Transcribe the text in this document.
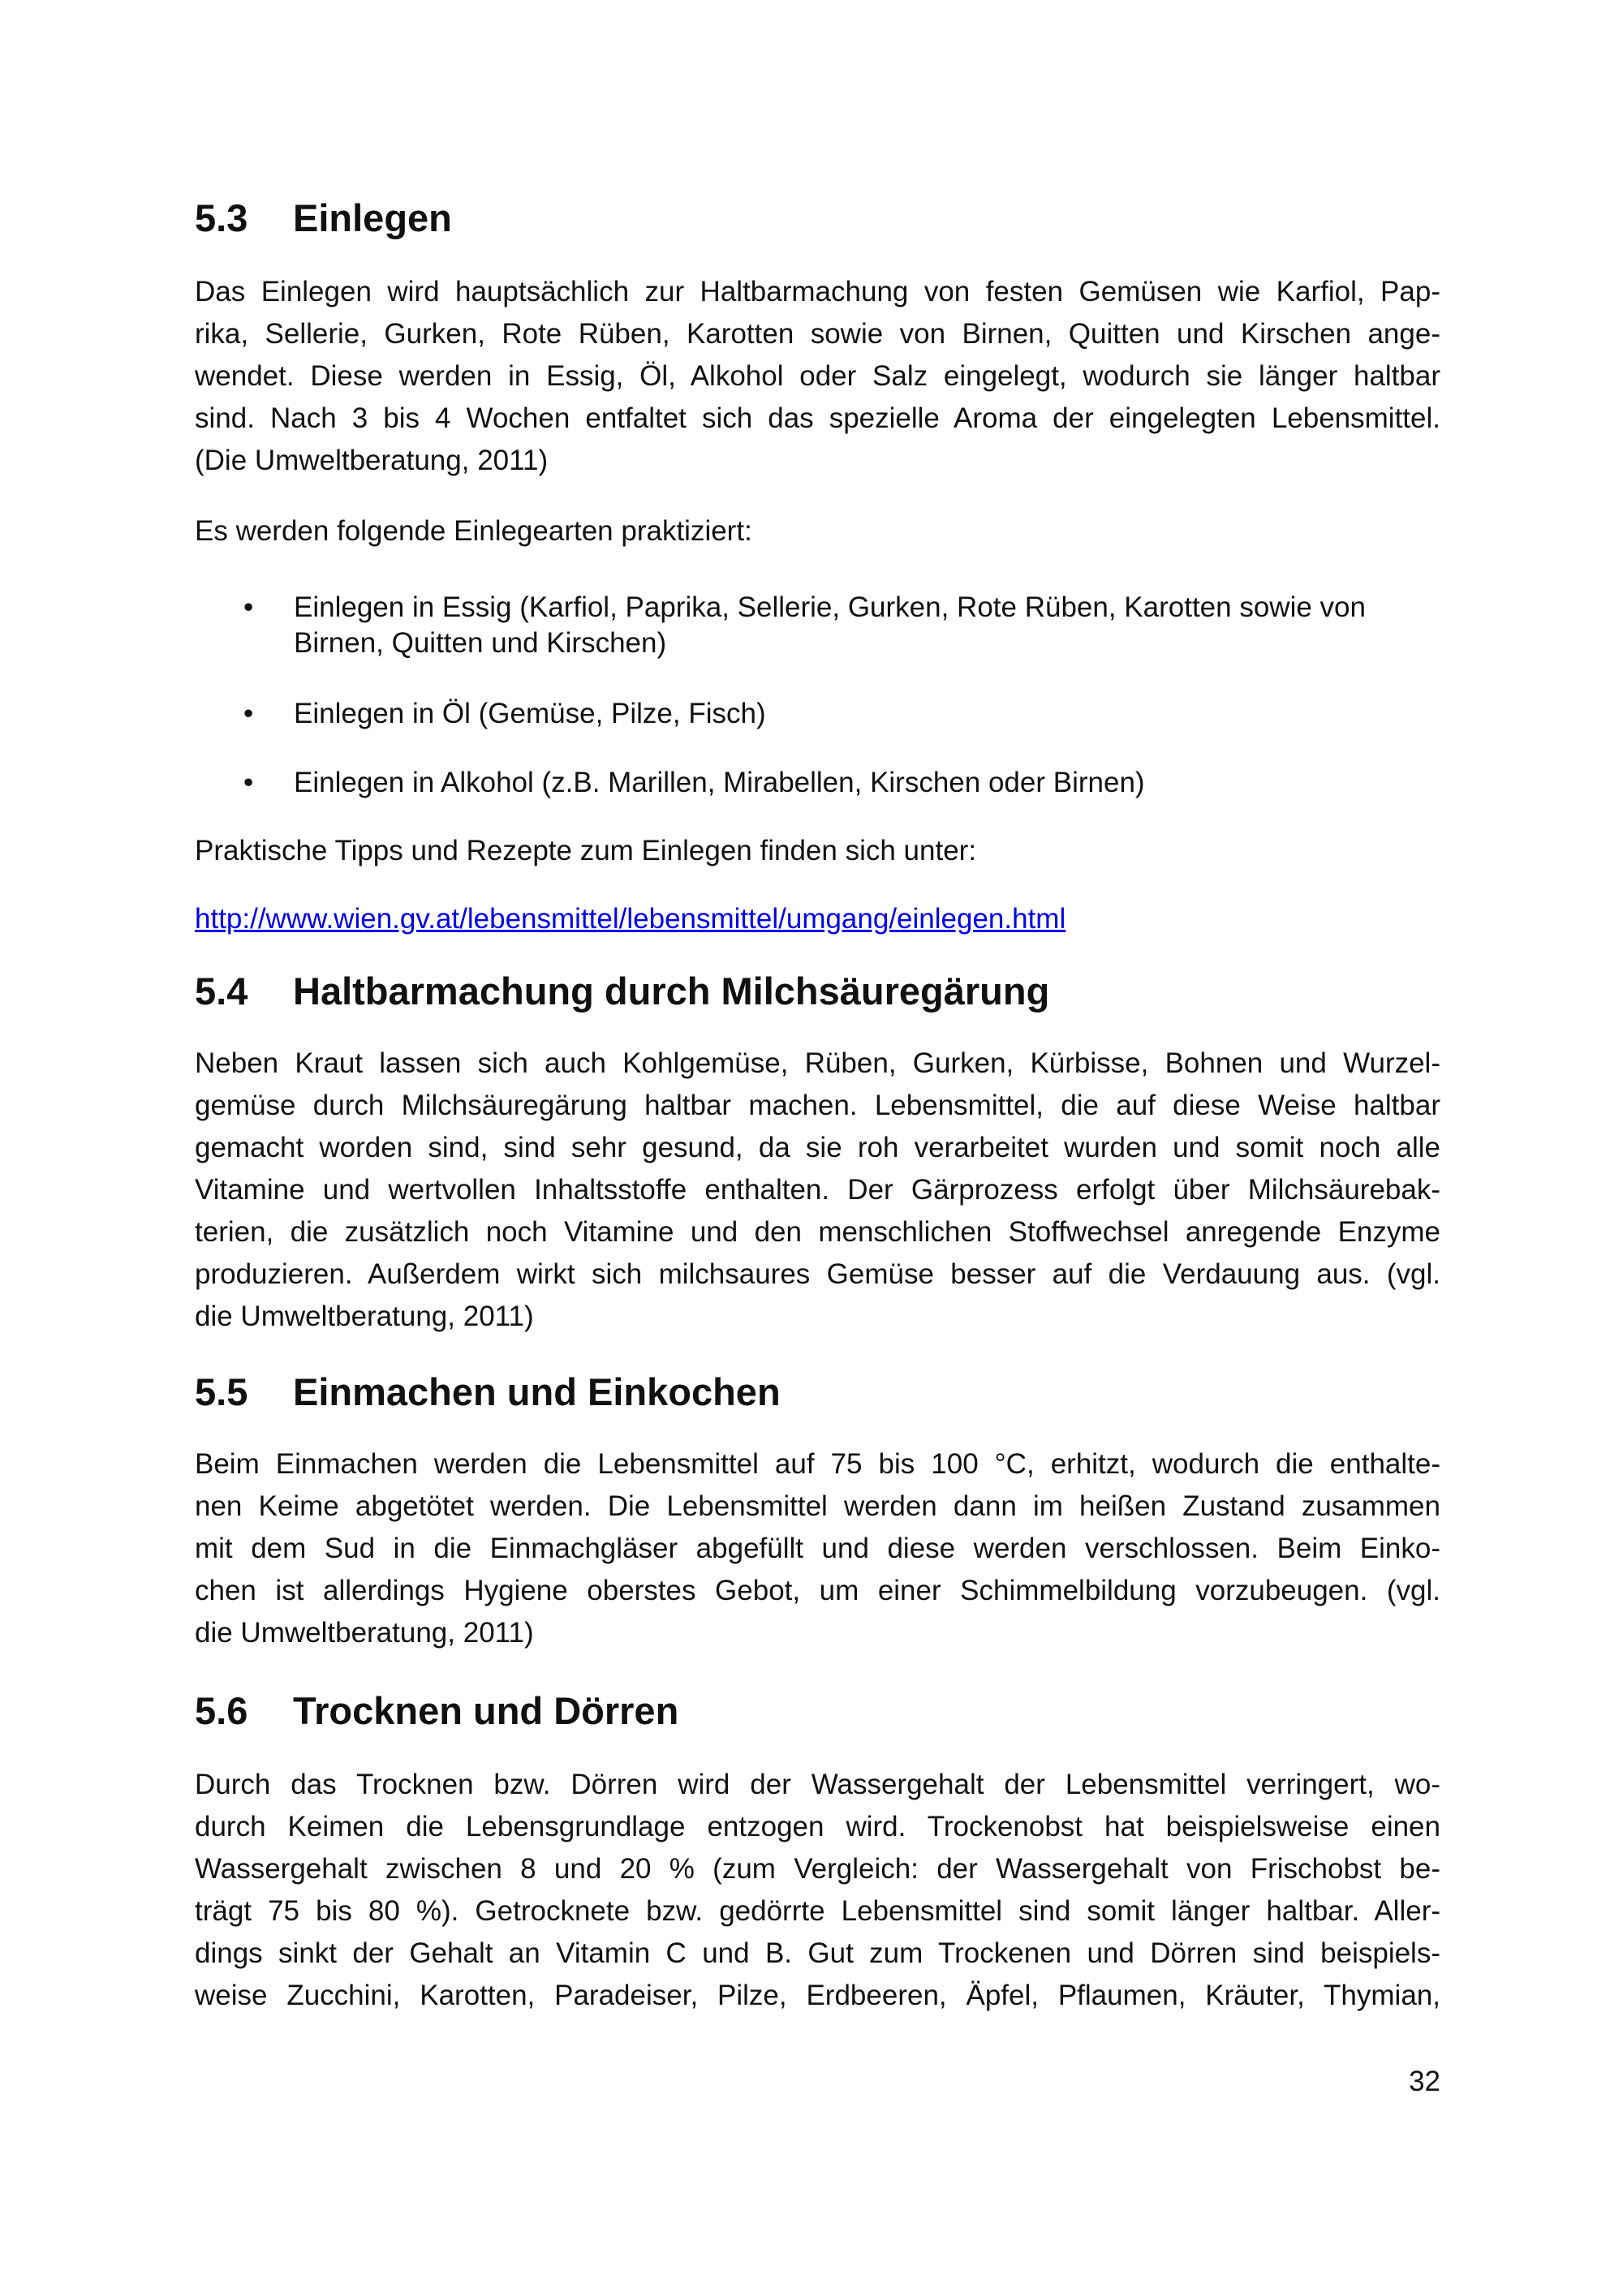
5.3 Einlegen
Das Einlegen wird hauptsächlich zur Haltbarmachung von festen Gemüsen wie Karfiol, Pap-
rika, Sellerie, Gurken, Rote Rüben, Karotten sowie von Birnen, Quitten und Kirschen ange-
wendet. Diese werden in Essig, Öl, Alkohol oder Salz eingelegt, wodurch sie länger haltbar
sind. Nach 3 bis 4 Wochen entfaltet sich das spezielle Aroma der eingelegten Lebensmittel.
(Die Umweltberatung, 2011)
Es werden folgende Einlegearten praktiziert:
• Einlegen in Essig (Karfiol, Paprika, Sellerie, Gurken, Rote Rüben, Karotten sowie von Birnen, Quitten und Kirschen)
• Einlegen in Öl (Gemüse, Pilze, Fisch)
• Einlegen in Alkohol (z.B. Marillen, Mirabellen, Kirschen oder Birnen)
Praktische Tipps und Rezepte zum Einlegen finden sich unter:
http://www.wien.gv.at/lebensmittel/lebensmittel/umgang/einlegen.html
5.4 Haltbarmachung durch Milchsäuregärung
Neben Kraut lassen sich auch Kohlgemüse, Rüben, Gurken, Kürbisse, Bohnen und Wurzel-
gemüse durch Milchsäuregärung haltbar machen. Lebensmittel, die auf diese Weise haltbar
gemacht worden sind, sind sehr gesund, da sie roh verarbeitet wurden und somit noch alle
Vitamine und wertvollen Inhaltsstoffe enthalten. Der Gärprozess erfolgt über Milchsäurebak-
terien, die zusätzlich noch Vitamine und den menschlichen Stoffwechsel anregende Enzyme
produzieren. Außerdem wirkt sich milchsaures Gemüse besser auf die Verdauung aus. (vgl.
die Umweltberatung, 2011)
5.5 Einmachen und Einkochen
Beim Einmachen werden die Lebensmittel auf 75 bis 100 °C, erhitzt, wodurch die enthalte-
nen Keime abgetötet werden. Die Lebensmittel werden dann im heißen Zustand zusammen
mit dem Sud in die Einmachgläser abgefüllt und diese werden verschlossen. Beim Einko-
chen ist allerdings Hygiene oberstes Gebot, um einer Schimmelbildung vorzubeugen. (vgl.
die Umweltberatung, 2011)
5.6 Trocknen und Dörren
Durch das Trocknen bzw. Dörren wird der Wassergehalt der Lebensmittel verringert, wo-
durch Keimen die Lebensgrundlage entzogen wird. Trockenobst hat beispielsweise einen
Wassergehalt zwischen 8 und 20 % (zum Vergleich: der Wassergehalt von Frischobst be-
trägt 75 bis 80 %). Getrocknete bzw. gedörrte Lebensmittel sind somit länger haltbar. Aller-
dings sinkt der Gehalt an Vitamin C und B. Gut zum Trockenen und Dörren sind beispiels-
weise Zucchini, Karotten, Paradeiser, Pilze, Erdbeeren, Äpfel, Pflaumen, Kräuter, Thymian,
32
